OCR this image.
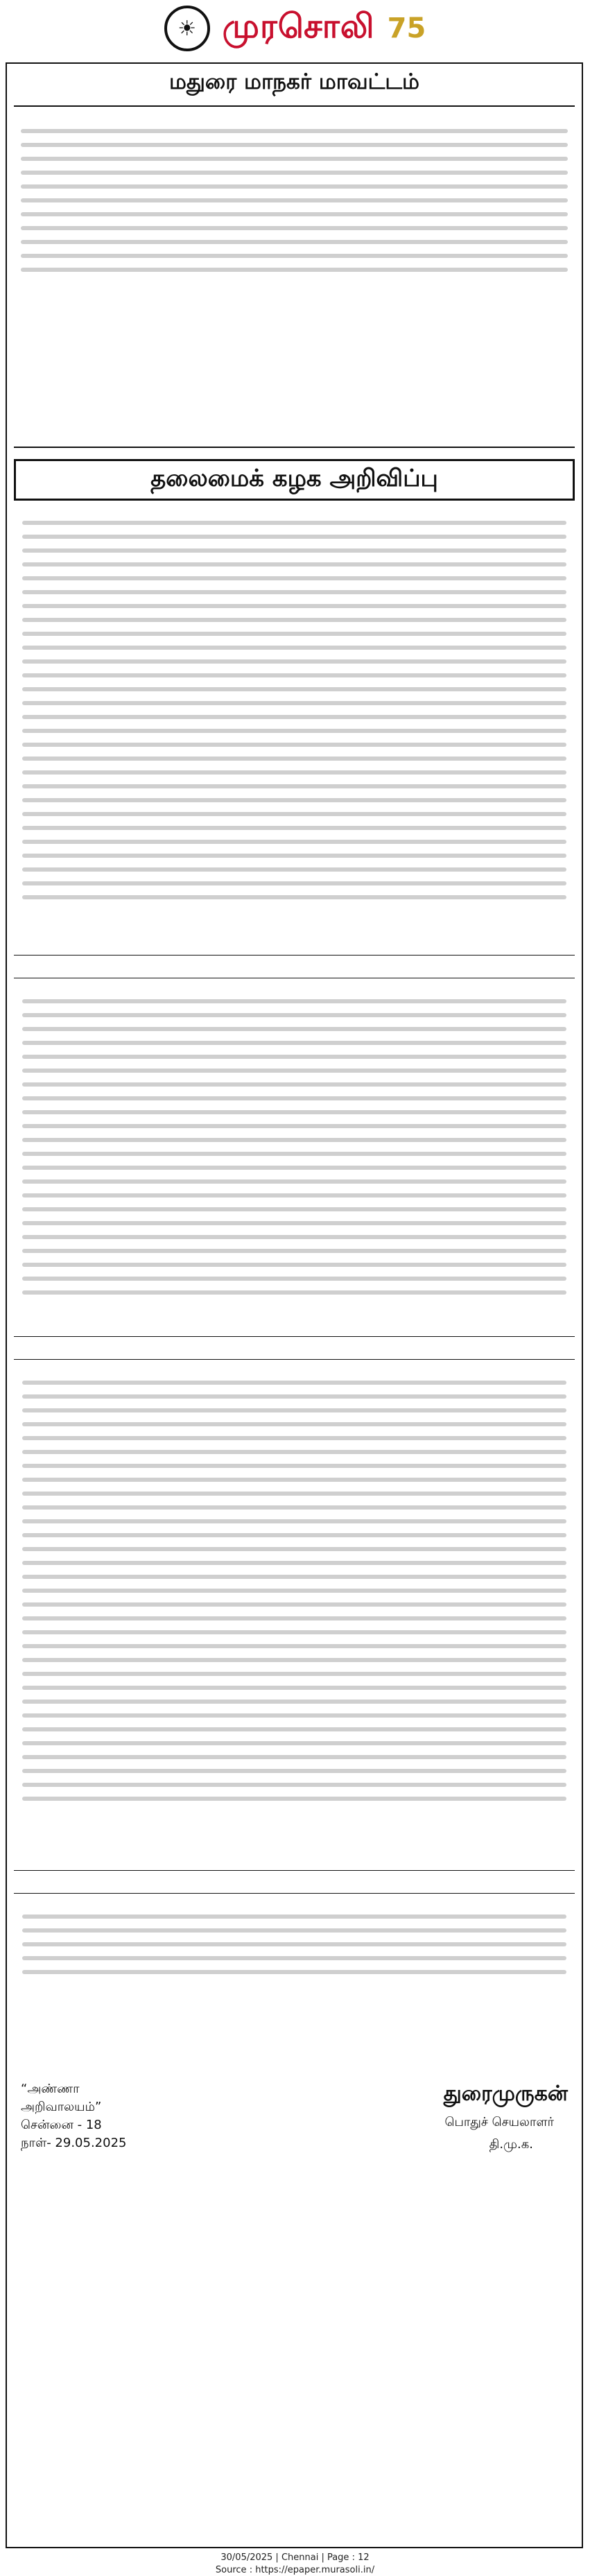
☀ முரசொலி 75
மதுரை மாநகர் மாவட்டம்
தலைமைக் கழக அறிவிப்பு
“அண்ணா அறிவாலயம்”
சென்னை - 18
நாள்- 29.05.2025
துரைமுருகன்
பொதுச் செயலாளர்
தி.மு.க.
30/05/2025 | Chennai | Page : 12
Source : https://epaper.murasoli.in/
